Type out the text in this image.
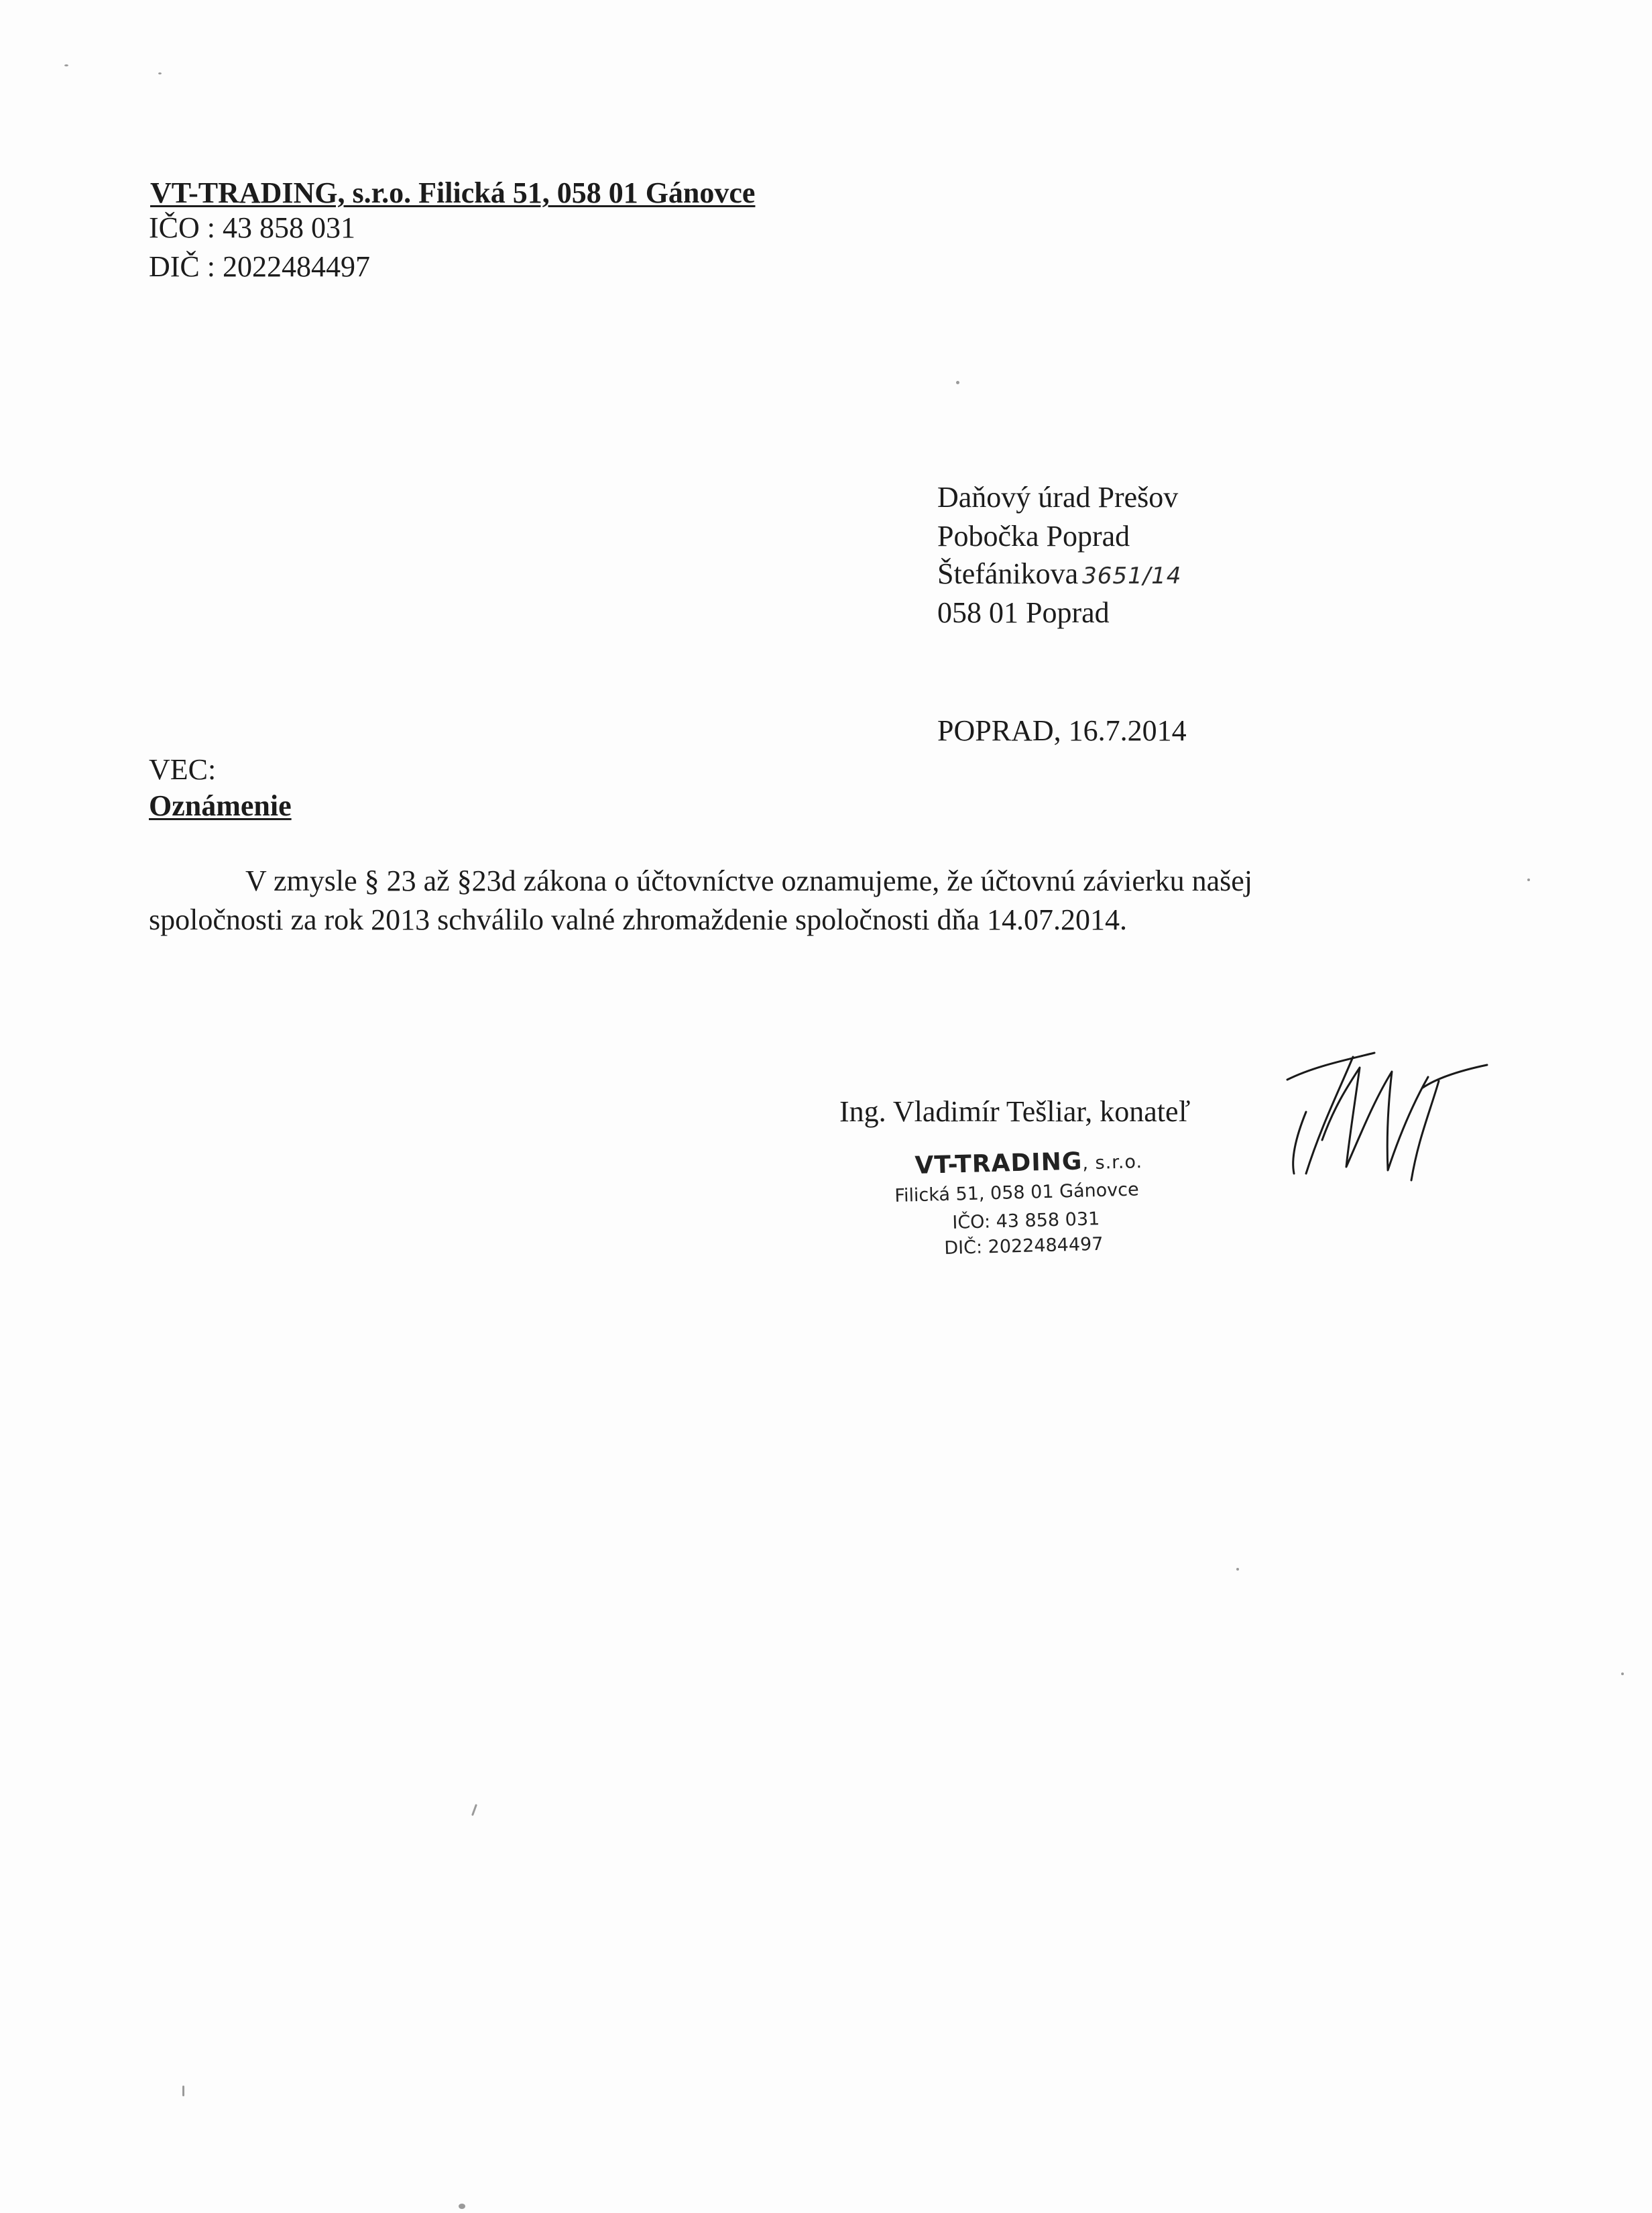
VT-TRADING, s.r.o. Filická 51, 058 01 Gánovce
IČO : 43 858 031
DIČ : 2022484497
Daňový úrad Prešov
Pobočka Poprad
Štefánikova 3651/14
058 01 Poprad
POPRAD, 16.7.2014
VEC:
Oznámenie
V zmysle § 23 až §23d zákona o účtovníctve oznamujeme, že účtovnú závierku našej
spoločnosti za rok 2013 schválilo valné zhromaždenie spoločnosti dňa 14.07.2014.
Ing. Vladimír Tešliar, konateľ
VT-TRADING, s.r.o.
Filická 51, 058 01 Gánovce
IČO: 43 858 031
DIČ: 2022484497
